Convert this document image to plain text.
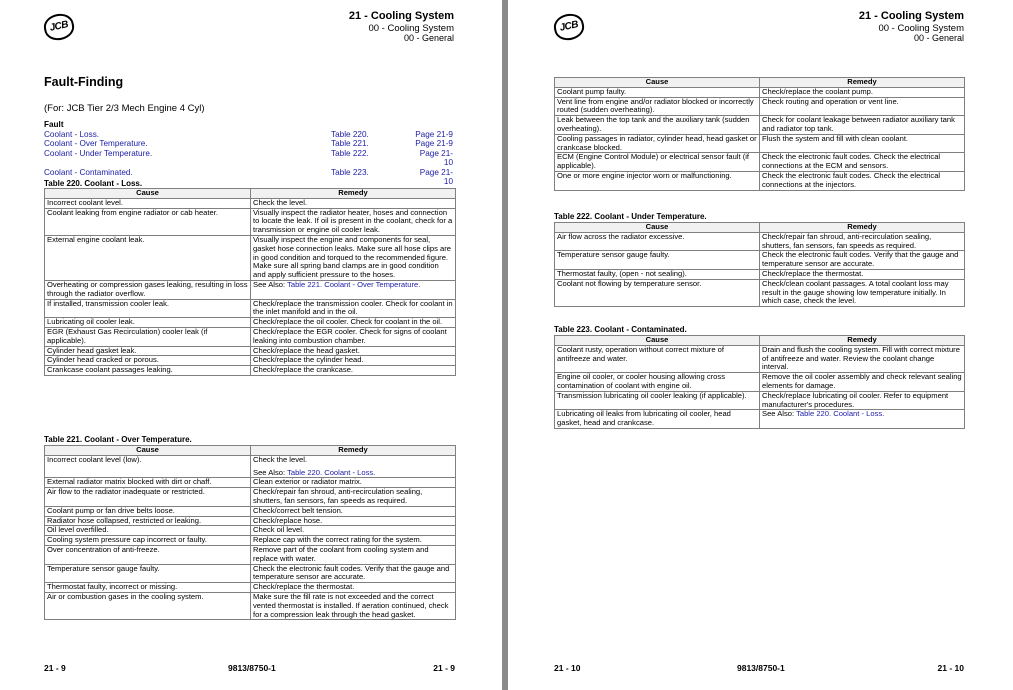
JCB
21 - Cooling System
00 - Cooling System
00 - General
Fault-Finding
(For: JCB Tier 2/3 Mech Engine 4 Cyl)
Fault
Coolant - Loss.	Table 220.	Page 21-9
Coolant - Over Temperature.	Table 221.	Page 21-9
Coolant - Under Temperature.	Table 222.	Page 21-10
Coolant - Contaminated.	Table 223.	Page 21-10
Table 220. Coolant - Loss.
Cause	Remedy
Incorrect coolant level.	Check the level.
Coolant leaking from engine radiator or cab heater.	Visually inspect the radiator heater, hoses and connection to locate the leak. If oil is present in the coolant, check for a transmission or engine oil cooler leak.
External engine coolant leak.	Visually inspect the engine and components for seal, gasket hose connection leaks. Make sure all hose clips are in good condition and torqued to the recommended figure. Make sure all spring band clamps are in good condition and apply sufficient pressure to the hoses.
Overheating or compression gases leaking, resulting in loss through the radiator overflow.	See Also: Table 221. Coolant - Over Temperature.
If installed, transmission cooler leak.	Check/replace the transmission cooler. Check for coolant in the inlet manifold and in the oil.
Lubricating oil cooler leak.	Check/replace the oil cooler. Check for coolant in the oil.
EGR (Exhaust Gas Recirculation) cooler leak (if applicable).	Check/replace the EGR cooler. Check for signs of coolant leaking into combustion chamber.
Cylinder head gasket leak.	Check/replace the head gasket.
Cylinder head cracked or porous.	Check/replace the cylinder head.
Crankcase coolant passages leaking.	Check/replace the crankcase.
Table 221. Coolant - Over Temperature.
Cause	Remedy
Incorrect coolant level (low).	Check the level.
See Also: Table 220. Coolant - Loss.
External radiator matrix blocked with dirt or chaff.	Clean exterior or radiator matrix.
Air flow to the radiator inadequate or restricted.	Check/repair fan shroud, anti-recirculation sealing, shutters, fan sensors, fan speeds as required.
Coolant pump or fan drive belts loose.	Check/correct belt tension.
Radiator hose collapsed, restricted or leaking.	Check/replace hose.
Oil level overfilled.	Check oil level.
Cooling system pressure cap incorrect or faulty.	Replace cap with the correct rating for the system.
Over concentration of anti-freeze.	Remove part of the coolant from cooling system and replace with water.
Temperature sensor gauge faulty.	Check the electronic fault codes. Verify that the gauge and temperature sensor are accurate.
Thermostat faulty, incorrect or missing.	Check/replace the thermostat.
Air or combustion gases in the cooling system.	Make sure the fill rate is not exceeded and the correct vented thermostat is installed. If aeration continued, check for a compression leak through the head gasket.
21 - 9	9813/8750-1	21 - 9
JCB
21 - Cooling System
00 - Cooling System
00 - General
Cause	Remedy
Coolant pump faulty.	Check/replace the coolant pump.
Vent line from engine and/or radiator blocked or incorrectly routed (sudden overheating).	Check routing and operation or vent line.
Leak between the top tank and the auxiliary tank (sudden overheating).	Check for coolant leakage between radiator auxiliary tank and radiator top tank.
Cooling passages in radiator, cylinder head, head gasket or crankcase blocked.	Flush the system and fill with clean coolant.
ECM (Engine Control Module) or electrical sensor fault (if applicable).	Check the electronic fault codes. Check the electrical connections at the ECM and sensors.
One or more engine injector worn or malfunctioning.	Check the electronic fault codes. Check the electrical connections at the injectors.
Table 222. Coolant - Under Temperature.
Cause	Remedy
Air flow across the radiator excessive.	Check/repair fan shroud, anti-recirculation sealing, shutters, fan sensors, fan speeds as required.
Temperature sensor gauge faulty.	Check the electronic fault codes. Verify that the gauge and temperature sensor are accurate.
Thermostat faulty, (open - not sealing).	Check/replace the thermostat.
Coolant not flowing by temperature sensor.	Check/clean coolant passages. A total coolant loss may result in the gauge showing low temperature initially. In which case, check the level.
Table 223. Coolant - Contaminated.
Cause	Remedy
Coolant rusty, operation without correct mixture of antifreeze and water.	Drain and flush the cooling system. Fill with correct mixture of antifreeze and water. Review the coolant change interval.
Engine oil cooler, or cooler housing allowing cross contamination of coolant with engine oil.	Remove the oil cooler assembly and check relevant sealing elements for damage.
Transmission lubricating oil cooler leaking (if applicable).	Check/replace lubricating oil cooler. Refer to equipment manufacturer's procedures.
Lubricating oil leaks from lubricating oil cooler, head gasket, head and crankcase.	See Also: Table 220. Coolant - Loss.
21 - 10	9813/8750-1	21 - 10
